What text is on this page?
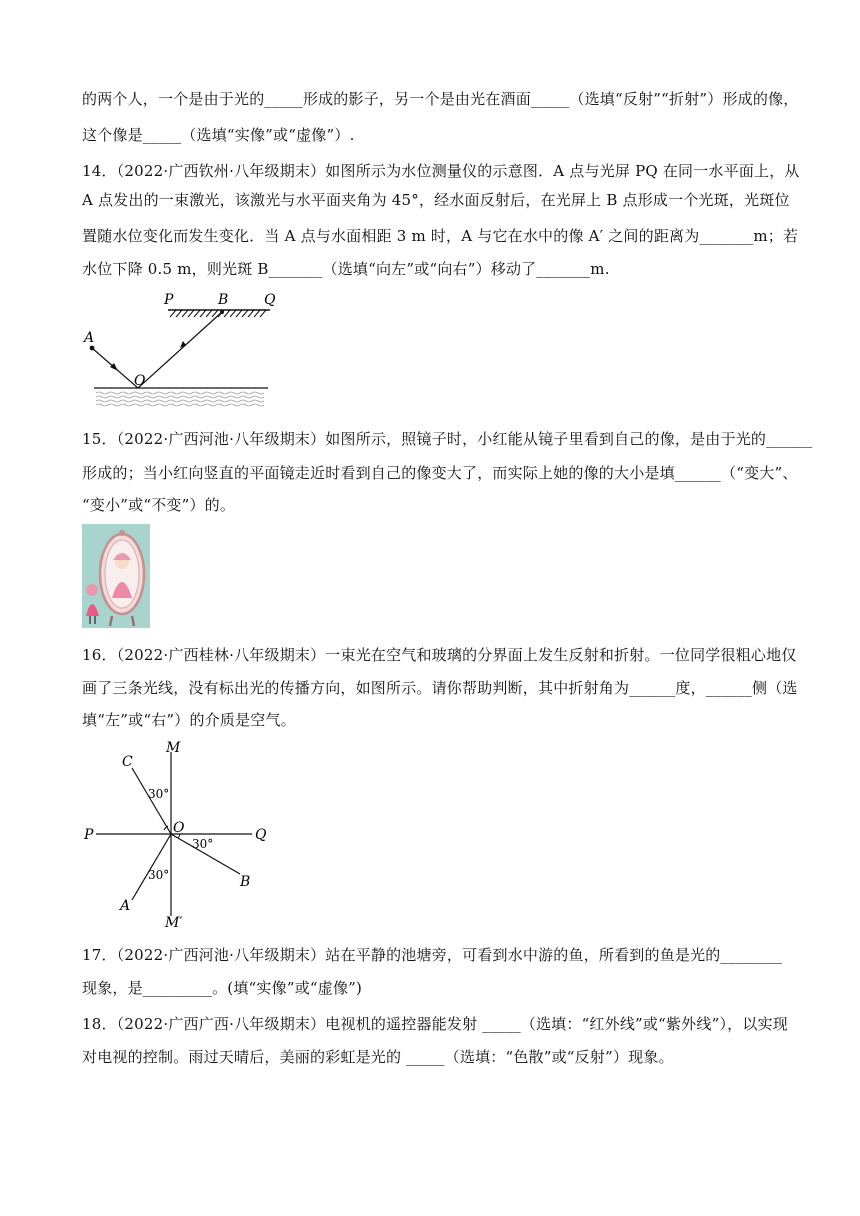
的两个人，一个是由于光的_____形成的影子，另一个是由光在酒面_____（选填“反射”“折射”）形成的像，
这个像是_____（选填“实像”或“虚像”）.
14．（2022·广西钦州·八年级期末）如图所示为水位测量仪的示意图．A 点与光屏 PQ 在同一水平面上，从
A 点发出的一束激光，该激光与水平面夹角为 45°，经水面反射后，在光屏上 B 点形成一个光斑，光斑位
置随水位变化而发生变化．当 A 点与水面相距 3 m 时，A 与它在水中的像 A′ 之间的距离为_______m；若
水位下降 0.5 m，则光斑 B_______（选填“向左”或“向右”）移动了_______m.
P	B	Q
A
O
15．（2022·广西河池·八年级期末）如图所示，照镜子时，小红能从镜子里看到自己的像，是由于光的______
形成的；当小红向竖直的平面镜走近时看到自己的像变大了，而实际上她的像的大小是填______（“变大”、
“变小”或“不变”）的。
16．（2022·广西桂林·八年级期末）一束光在空气和玻璃的分界面上发生反射和折射。一位同学很粗心地仅
画了三条光线，没有标出光的传播方向，如图所示。请你帮助判断，其中折射角为______度，______侧（选
填“左”或“右”）的介质是空气。
M
C
P	O	Q
A
B
M′
30°
30°
30°
17．（2022·广西河池·八年级期末）站在平静的池塘旁，可看到水中游的鱼，所看到的鱼是光的________
现象，是_________。(填“实像”或“虚像”)
18．（2022·广西广西·八年级期末）电视机的遥控器能发射 _____（选填：“红外线”或“紫外线”），以实现
对电视的控制。雨过天晴后，美丽的彩虹是光的 _____（选填：“色散”或“反射”）现象。
